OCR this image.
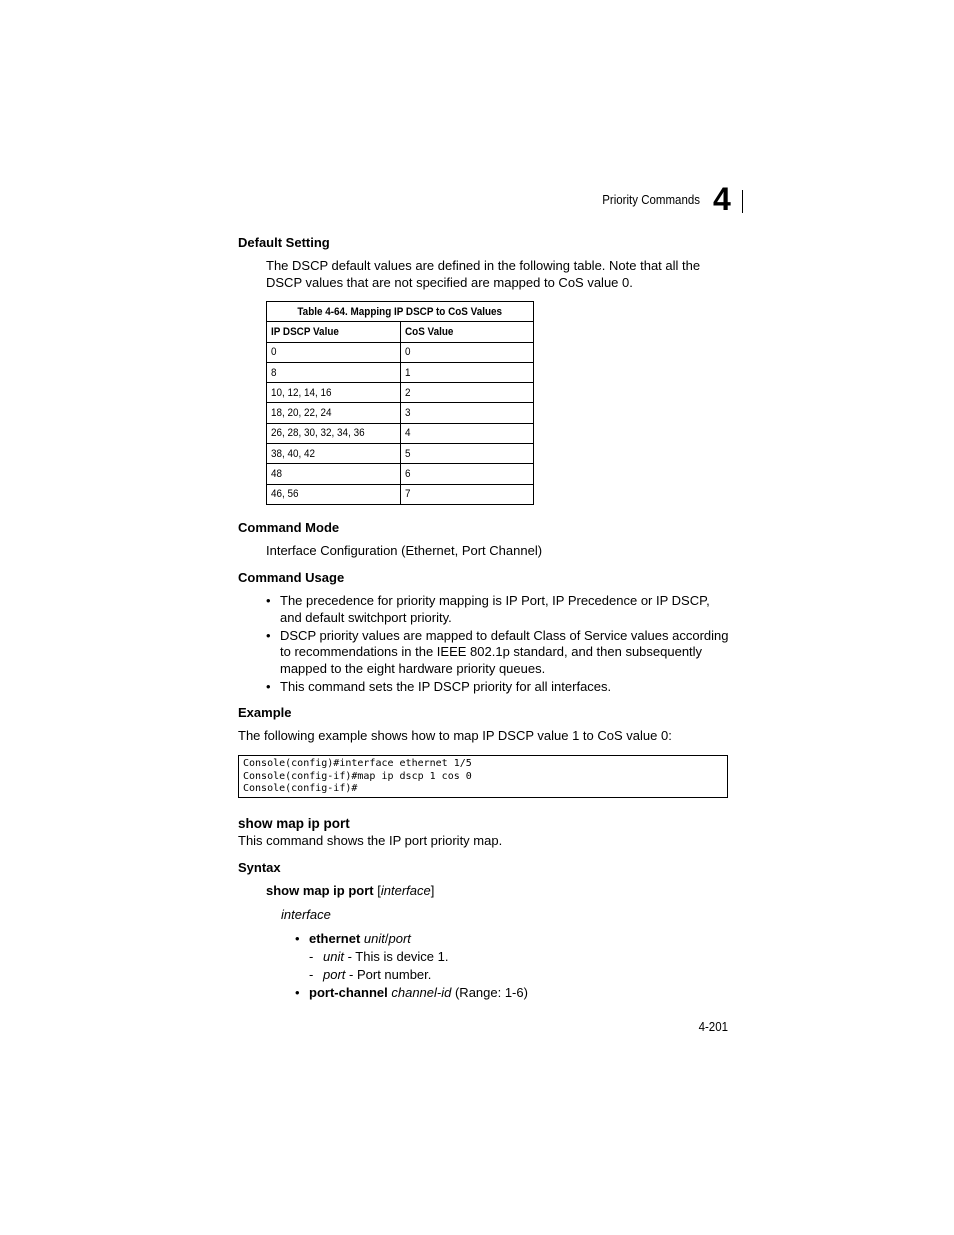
Priority Commands 4
Default Setting
The DSCP default values are defined in the following table. Note that all the DSCP values that are not specified are mapped to CoS value 0.
Table 4-64. Mapping IP DSCP to CoS Values	
IP DSCP Value	CoS Value
0	0
8	1
10, 12, 14, 16	2
18, 20, 22, 24	3
26, 28, 30, 32, 34, 36	4
38, 40, 42	5
48	6
46, 56	7
Command Mode
Interface Configuration (Ethernet, Port Channel)
Command Usage
• The precedence for priority mapping is IP Port, IP Precedence or IP DSCP, and default switchport priority.
• DSCP priority values are mapped to default Class of Service values according to recommendations in the IEEE 802.1p standard, and then subsequently mapped to the eight hardware priority queues.
• This command sets the IP DSCP priority for all interfaces.
Example
The following example shows how to map IP DSCP value 1 to CoS value 0:
Console(config)#interface ethernet 1/5
Console(config-if)#map ip dscp 1 cos 0
Console(config-if)#
show map ip port
This command shows the IP port priority map.
Syntax
show map ip port [interface]
interface
• ethernet unit/port
- unit - This is device 1.
- port - Port number.
• port-channel channel-id (Range: 1-6)
4-201
